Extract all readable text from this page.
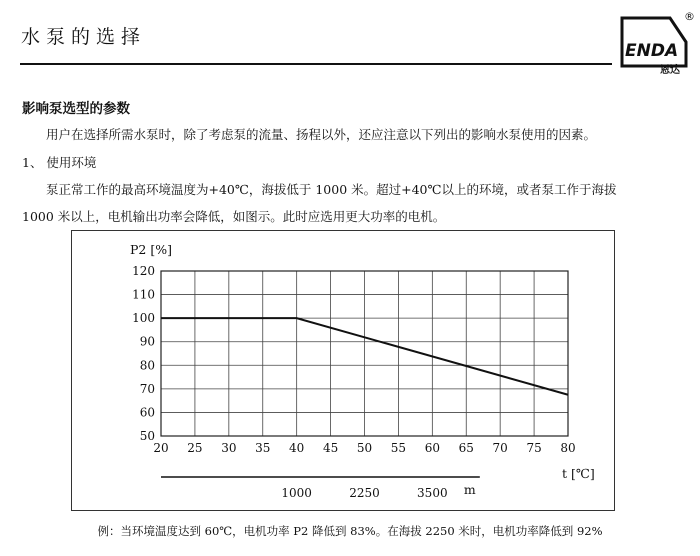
水泵的选择
ENDA
恩达
®
影响泵选型的参数
用户在选择所需水泵时，除了考虑泵的流量、扬程以外，还应注意以下列出的影响水泵使用的因素。
1、 使用环境
泵正常工作的最高环境温度为+40℃，海拔低于 1000 米。超过+40℃以上的环境，或者泵工作于海拔
1000 米以上，电机输出功率会降低，如图示。此时应选用更大功率的电机。
20 25 30 35 40 45 50 55 60 65 70 75 80
50
60
70
80
90
100
110
120
P2 [%]
t [℃]
1000	2250	3500 m
例：当环境温度达到 60℃，电机功率 P2 降低到 83%。在海拔 2250 米时，电机功率降低到 92%
